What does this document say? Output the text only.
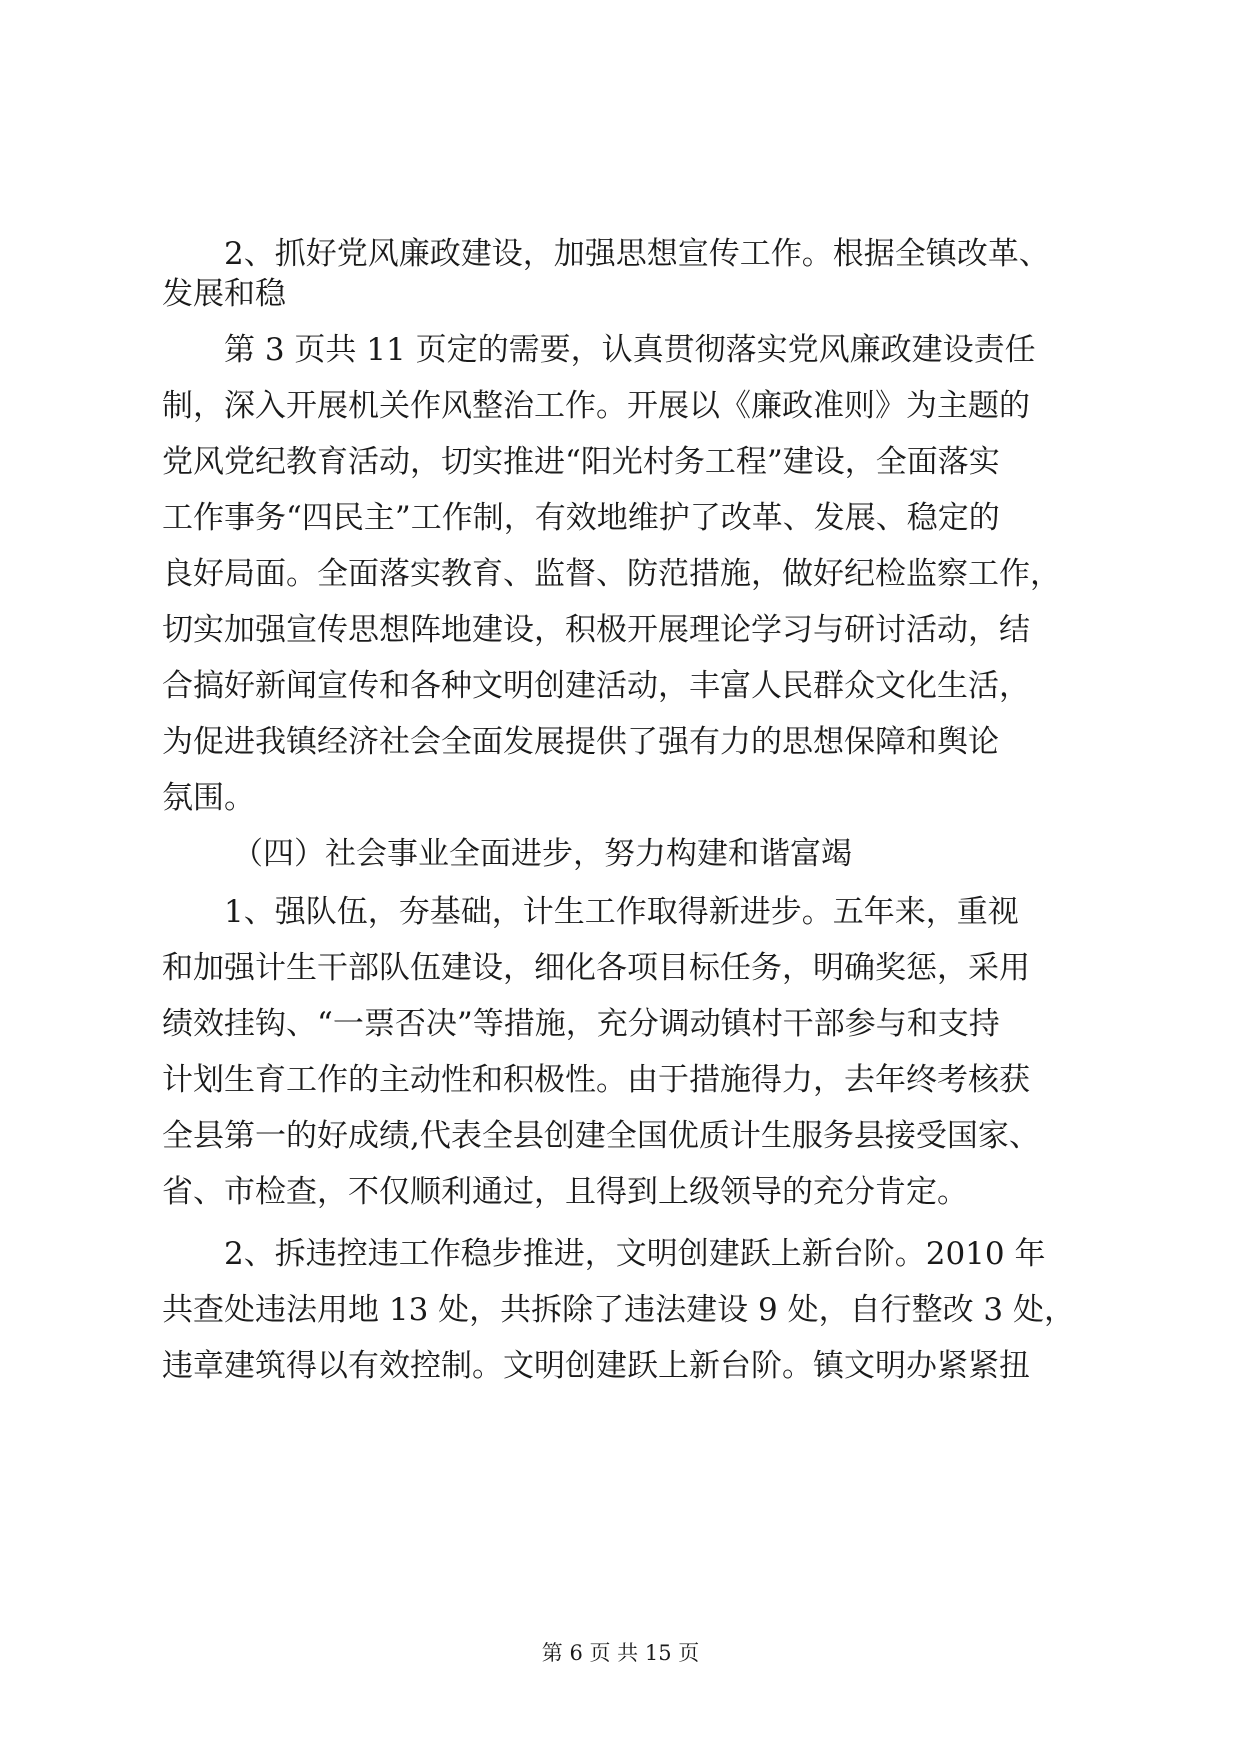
2、抓好党风廉政建设，加强思想宣传工作。根据全镇改革、
发展和稳
第 3 页共 11 页定的需要，认真贯彻落实党风廉政建设责任
制，深入开展机关作风整治工作。开展以《廉政准则》为主题的
党风党纪教育活动，切实推进“阳光村务工程”建设，全面落实
工作事务“四民主”工作制，有效地维护了改革、发展、稳定的
良好局面。全面落实教育、监督、防范措施，做好纪检监察工作，
切实加强宣传思想阵地建设，积极开展理论学习与研讨活动，结
合搞好新闻宣传和各种文明创建活动，丰富人民群众文化生活，
为促进我镇经济社会全面发展提供了强有力的思想保障和舆论
氛围。
（四）社会事业全面进步，努力构建和谐富竭
1、强队伍，夯基础，计生工作取得新进步。五年来，重视
和加强计生干部队伍建设，细化各项目标任务，明确奖惩，采用
绩效挂钩、“一票否决”等措施，充分调动镇村干部参与和支持
计划生育工作的主动性和积极性。由于措施得力，去年终考核获
全县第一的好成绩,代表全县创建全国优质计生服务县接受国家、
省、市检查，不仅顺利通过，且得到上级领导的充分肯定。
2、拆违控违工作稳步推进，文明创建跃上新台阶。2010 年
共查处违法用地 13 处，共拆除了违法建设 9 处，自行整改 3 处，
违章建筑得以有效控制。文明创建跃上新台阶。镇文明办紧紧扭
第 6 页 共 15 页
